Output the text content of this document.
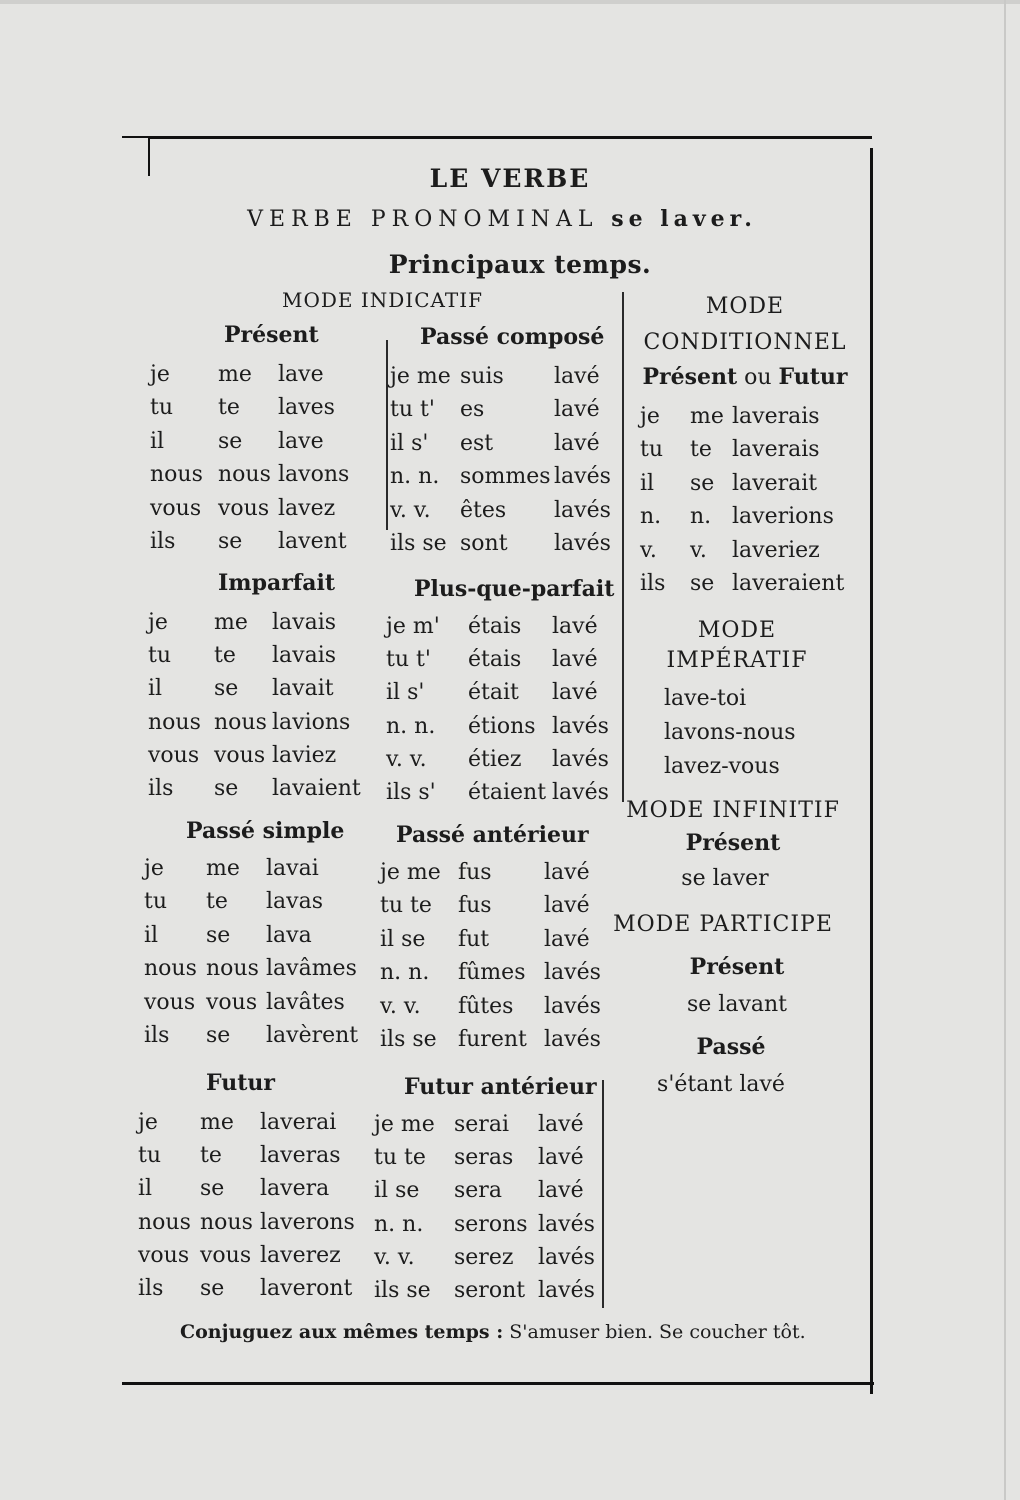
LE VERBE
VERBE PRONOMINAL se laver.
Principaux temps.
MODE INDICATIF
Présent
je me lave
tu te laves
il se lave
nous nous lavons
vous vous lavez
ils se lavent
Imparfait
je me lavais
tu te lavais
il se lavait
nous nous lavions
vous vous laviez
ils se lavaient
Passé simple
je me lavai
tu te lavas
il se lava
nous nous lavâmes
vous vous lavâtes
ils se lavèrent
Futur
je me laverai
tu te laveras
il se lavera
nous nous laverons
vous vous laverez
ils se laveront
Passé composé
je me suis lavé
tu t' es	lavé
il s' est	lavé
n. n. sommes lavés
v. v. êtes lavés
ils se sont lavés
Plus-que-parfait
je m' étais lavé
tu t' étais lavé
il s' était lavé
n. n. étions lavés
v. v. étiez lavés
ils s' étaient lavés
Passé antérieur
je me fus lavé
tu te fus lavé
il se fut lavé
n. n. fûmes lavés
v. v. fûtes lavés
ils se furent lavés
Futur antérieur
je me serai lavé
tu te seras lavé
il se sera lavé
n. n. serons lavés
v. v. serez lavés
ils se seront lavés
MODE
CONDITIONNEL
Présent ou Futur
je me laverais
tu te laverais
il se laverait
n. n. laverions
v. v. laveriez
ils se laveraient
MODE
IMPÉRATIF
lave-toi
lavons-nous
lavez-vous
MODE INFINITIF
Présent
se laver
MODE PARTICIPE
Présent
se lavant
Passé
s'étant lavé
Conjuguez aux mêmes temps : S'amuser bien. Se coucher tôt.
